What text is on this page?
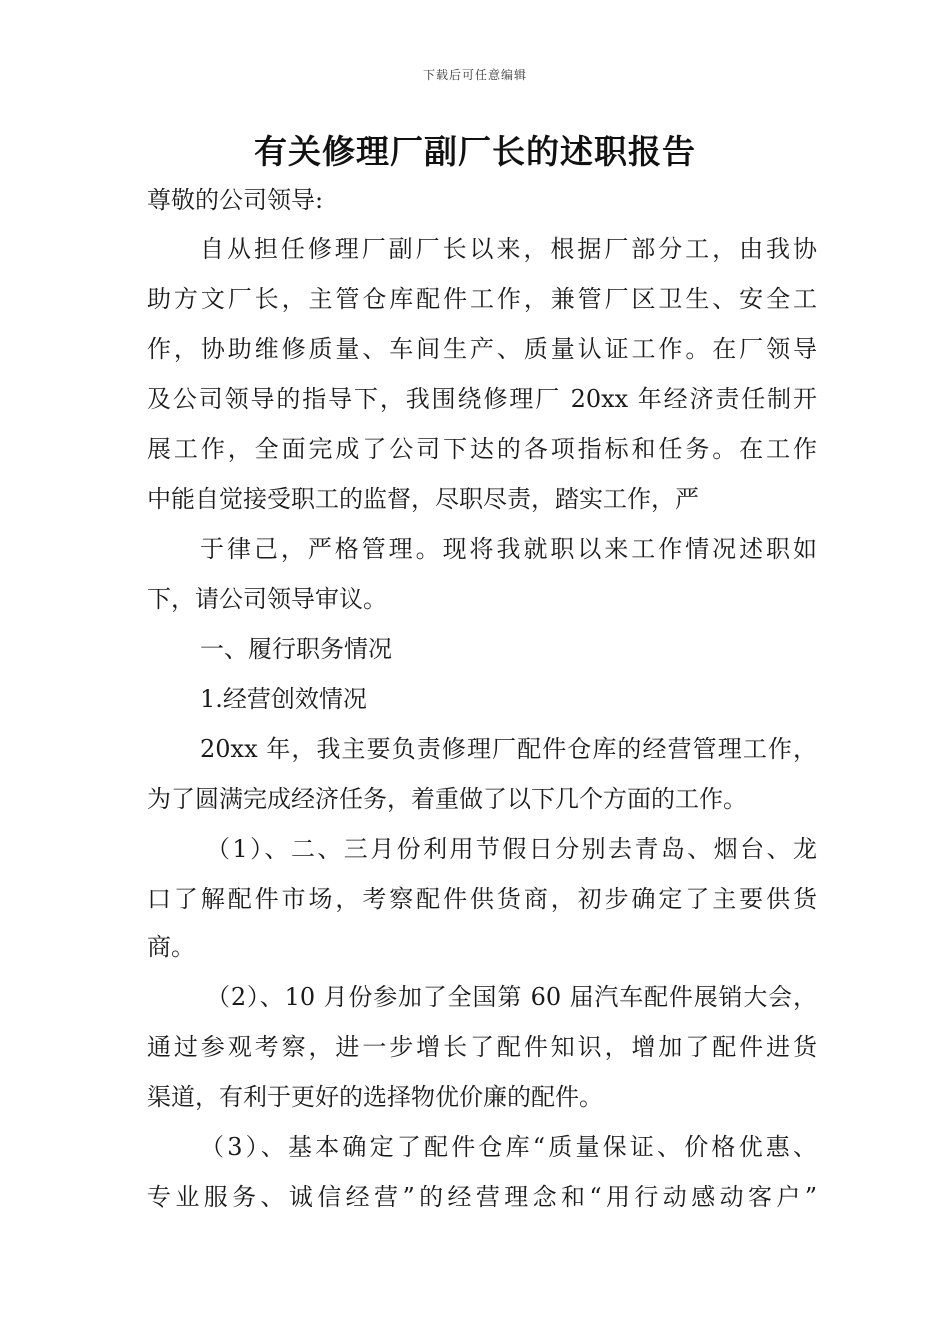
下载后可任意编辑
有关修理厂副厂长的述职报告
尊敬的公司领导:
自从担任修理厂副厂长以来，根据厂部分工，由我协
助方文厂长，主管仓库配件工作，兼管厂区卫生、安全工
作，协助维修质量、车间生产、质量认证工作。在厂领导
及公司领导的指导下，我围绕修理厂 20xx 年经济责任制开
展工作，全面完成了公司下达的各项指标和任务。在工作
中能自觉接受职工的监督，尽职尽责，踏实工作，严
于律己，严格管理。现将我就职以来工作情况述职如
下，请公司领导审议。
一、履行职务情况
1.经营创效情况
20xx 年，我主要负责修理厂配件仓库的经营管理工作，
为了圆满完成经济任务，着重做了以下几个方面的工作。
（1）、二、三月份利用节假日分别去青岛、烟台、龙
口了解配件市场，考察配件供货商，初步确定了主要供货
商。
（2）、10 月份参加了全国第 60 届汽车配件展销大会，
通过参观考察，进一步增长了配件知识，增加了配件进货
渠道，有利于更好的选择物优价廉的配件。
（3）、基本确定了配件仓库“质量保证、价格优惠、
专业服务、诚信经营”的经营理念和“用行动感动客户”
